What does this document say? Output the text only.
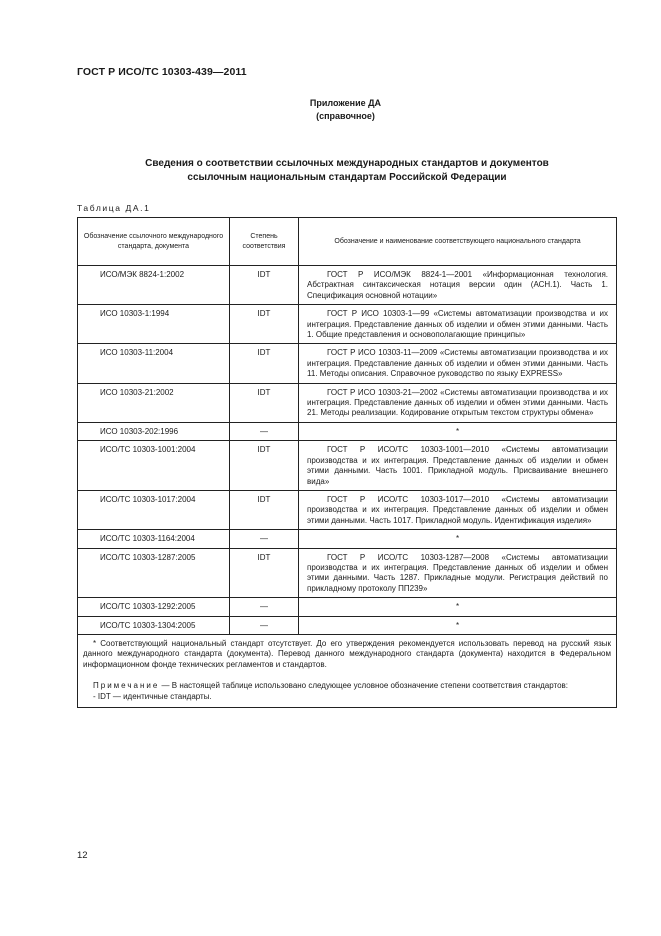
ГОСТ Р ИСО/ТС 10303-439—2011
Приложение ДА
(справочное)
Сведения о соответствии ссылочных международных стандартов и документов
ссылочным национальным стандартам Российской Федерации
Таблица ДА.1
Обозначение ссылочного международного стандарта, документа	Степень соответствия	Обозначение и наименование соответствующего национального стандарта
ИСО/МЭК 8824-1:2002	IDT	ГОСТ Р ИСО/МЭК 8824-1—2001 «Информационная технология. Абстрактная синтаксическая нотация версии один (АСН.1). Часть 1. Спецификация основной нотации»

ИСО 10303-1:1994	IDT	ГОСТ Р ИСО 10303-1—99 «Системы автоматизации производства и их интеграция. Представление данных об изделии и обмен этими данными. Часть 1. Общие представления и основополагающие принципы»

ИСО 10303-11:2004	IDT	ГОСТ Р ИСО 10303-11—2009 «Системы автоматизации производства и их интеграция. Представление данных об изделии и обмен этими данными. Часть 11. Методы описания. Справочное руководство по языку EXPRESS»

ИСО 10303-21:2002	IDT	ГОСТ Р ИСО 10303-21—2002 «Системы автоматизации производства и их интеграция. Представление данных об изделии и обмен этими данными. Часть 21. Методы реализации. Кодирование открытым текстом структуры обмена»

ИСО 10303-202:1996	—	*

ИСО/ТС 10303-1001:2004	IDT	ГОСТ Р ИСО/ТС 10303-1001—2010 «Системы автоматизации производства и их интеграция. Представление данных об изделии и обмен этими данными. Часть 1001. Прикладной модуль. Присваивание внешнего вида»

ИСО/ТС 10303-1017:2004	IDT	ГОСТ Р ИСО/ТС 10303-1017—2010 «Системы автоматизации производства и их интеграция. Представление данных об изделии и обмен этими данными. Часть 1017. Прикладной модуль. Идентификация изделия»

ИСО/ТС 10303-1164:2004	—	*

ИСО/ТС 10303-1287:2005	IDT	ГОСТ Р ИСО/ТС 10303-1287—2008 «Системы автоматизации производства и их интеграция. Представление данных об изделии и обмен этими данными. Часть 1287. Прикладные модули. Регистрация действий по прикладному протоколу ПП239»

ИСО/ТС 10303-1292:2005	—	*

ИСО/ТС 10303-1304:2005	—	*

* Соответствующий национальный стандарт отсутствует. До его утверждения рекомендуется использовать перевод на русский язык данного международного стандарта (документа). Перевод данного международного стандарта (документа) находится в Федеральном информационном фонде технических регламентов и стандартов.
Примечание — В настоящей таблице использовано следующее условное обозначение степени соответствия стандартов:
- IDT — идентичные стандарты.		
12
